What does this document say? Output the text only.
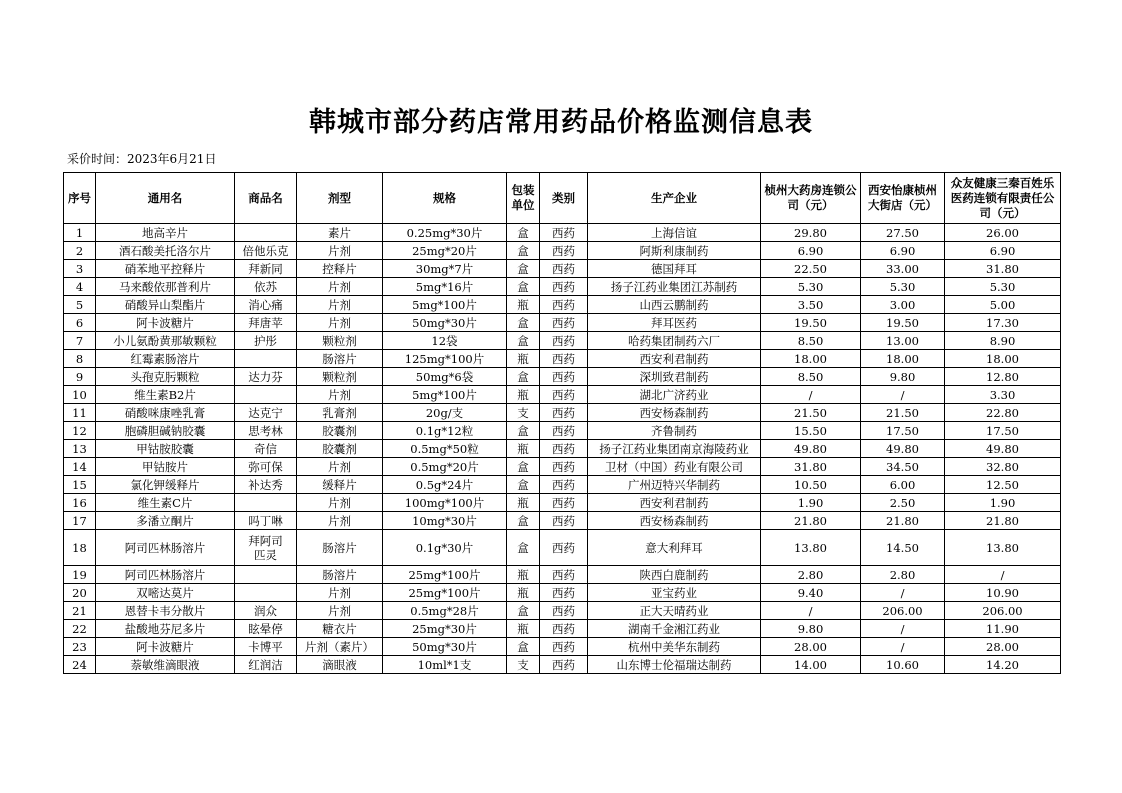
韩城市部分药店常用药品价格监测信息表
采价时间：2023年6月21日
序号	通用名	商品名	剂型	规格	包装单位	类别	生产企业	桢州大药房连锁公司（元）	西安怡康桢州大街店（元）	众友健康三秦百姓乐医药连锁有限责任公司（元）
1	地高辛片		素片	0.25mg*30片	盒	西药	上海信谊	29.80	27.50	26.00
2	酒石酸美托洛尔片	倍他乐克	片剂	25mg*20片	盒	西药	阿斯利康制药	6.90	6.90	6.90
3	硝苯地平控释片	拜新同	控释片	30mg*7片	盒	西药	德国拜耳	22.50	33.00	31.80
4	马来酸依那普利片	依苏	片剂	5mg*16片	盒	西药	扬子江药业集团江苏制药	5.30	5.30	5.30
5	硝酸异山梨酯片	消心痛	片剂	5mg*100片	瓶	西药	山西云鹏制药	3.50	3.00	5.00
6	阿卡波糖片	拜唐苹	片剂	50mg*30片	盒	西药	拜耳医药	19.50	19.50	17.30
7	小儿氨酚黄那敏颗粒	护彤	颗粒剂	12袋	盒	西药	哈药集团制药六厂	8.50	13.00	8.90
8	红霉素肠溶片		肠溶片	125mg*100片	瓶	西药	西安利君制药	18.00	18.00	18.00
9	头孢克肟颗粒	达力芬	颗粒剂	50mg*6袋	盒	西药	深圳致君制药	8.50	9.80	12.80
10	维生素B2片		片剂	5mg*100片	瓶	西药	湖北广济药业	/	/	3.30
11	硝酸咪康唑乳膏	达克宁	乳膏剂	20g/支	支	西药	西安杨森制药	21.50	21.50	22.80
12	胞磷胆碱钠胶囊	思考林	胶囊剂	0.1g*12粒	盒	西药	齐鲁制药	15.50	17.50	17.50
13	甲钴胺胶囊	奇信	胶囊剂	0.5mg*50粒	瓶	西药	扬子江药业集团南京海陵药业	49.80	49.80	49.80
14	甲钴胺片	弥可保	片剂	0.5mg*20片	盒	西药	卫材（中国）药业有限公司	31.80	34.50	32.80
15	氯化钾缓释片	补达秀	缓释片	0.5g*24片	盒	西药	广州迈特兴华制药	10.50	6.00	12.50
16	维生素C片		片剂	100mg*100片	瓶	西药	西安利君制药	1.90	2.50	1.90
17	多潘立酮片	吗丁啉	片剂	10mg*30片	盒	西药	西安杨森制药	21.80	21.80	21.80
18	阿司匹林肠溶片	拜阿司
匹灵	肠溶片	0.1g*30片	盒	西药	意大利拜耳	13.80	14.50	13.80
19	阿司匹林肠溶片		肠溶片	25mg*100片	瓶	西药	陕西白鹿制药	2.80	2.80	/
20	双嘧达莫片		片剂	25mg*100片	瓶	西药	亚宝药业	9.40	/	10.90
21	恩替卡韦分散片	润众	片剂	0.5mg*28片	盒	西药	正大天晴药业	/	206.00	206.00
22	盐酸地芬尼多片	眩晕停	糖衣片	25mg*30片	瓶	西药	湖南千金湘江药业	9.80	/	11.90
23	阿卡波糖片	卡博平	片剂（素片）	50mg*30片	盒	西药	杭州中美华东制药	28.00	/	28.00
24	萘敏维滴眼液	红润洁	滴眼液	10ml*1支	支	西药	山东博士伦福瑞达制药	14.00	10.60	14.20
